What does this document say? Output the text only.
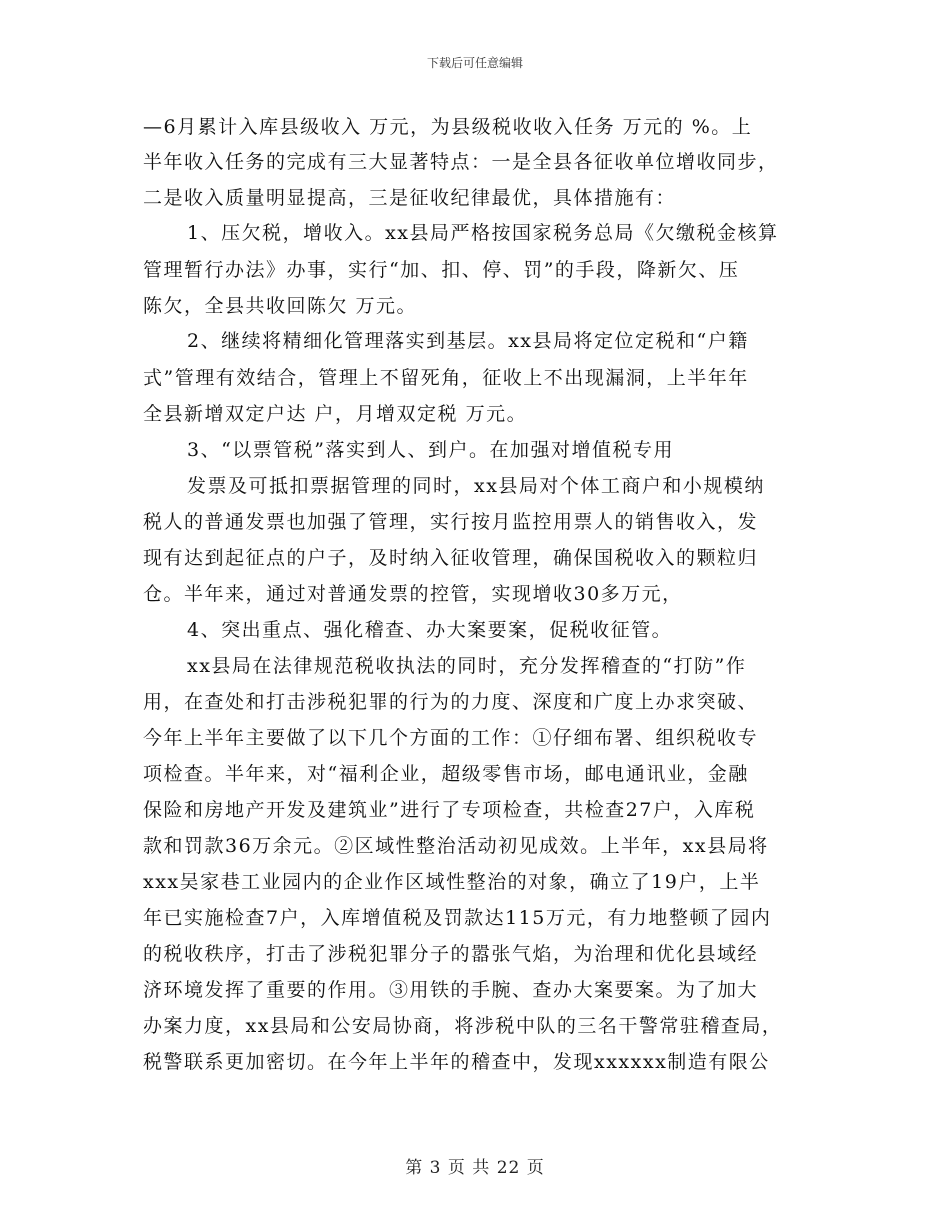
下载后可任意编辑
—6月累计入库县级收入 万元，为县级税收收入任务 万元的 %。上
半年收入任务的完成有三大显著特点：一是全县各征收单位增收同步，
二是收入质量明显提高，三是征收纪律最优，具体措施有：
1、压欠税，增收入。xx县局严格按国家税务总局《欠缴税金核算
管理暂行办法》办事，实行“加、扣、停、罚”的手段，降新欠、压
陈欠，全县共收回陈欠 万元。
2、继续将精细化管理落实到基层。xx县局将定位定税和“户籍
式”管理有效结合，管理上不留死角，征收上不出现漏洞，上半年年
全县新增双定户达 户，月增双定税 万元。
3、“以票管税”落实到人、到户。在加强对增值税专用
发票及可抵扣票据管理的同时，xx县局对个体工商户和小规模纳
税人的普通发票也加强了管理，实行按月监控用票人的销售收入，发
现有达到起征点的户子，及时纳入征收管理，确保国税收入的颗粒归
仓。半年来，通过对普通发票的控管，实现增收30多万元，
4、突出重点、强化稽查、办大案要案，促税收征管。
xx县局在法律规范税收执法的同时，充分发挥稽查的“打防”作
用，在查处和打击涉税犯罪的行为的力度、深度和广度上办求突破、
今年上半年主要做了以下几个方面的工作：①仔细布署、组织税收专
项检查。半年来，对“福利企业，超级零售市场，邮电通讯业，金融
保险和房地产开发及建筑业”进行了专项检查，共检查27户，入库税
款和罚款36万余元。②区域性整治活动初见成效。上半年，xx县局将
xxx吴家巷工业园内的企业作区域性整治的对象，确立了19户，上半
年已实施检查7户，入库增值税及罚款达115万元，有力地整顿了园内
的税收秩序，打击了涉税犯罪分子的嚣张气焰，为治理和优化县域经
济环境发挥了重要的作用。③用铁的手腕、查办大案要案。为了加大
办案力度，xx县局和公安局协商，将涉税中队的三名干警常驻稽查局，
税警联系更加密切。在今年上半年的稽查中，发现xxxxxx制造有限公
第 3 页 共 22 页
